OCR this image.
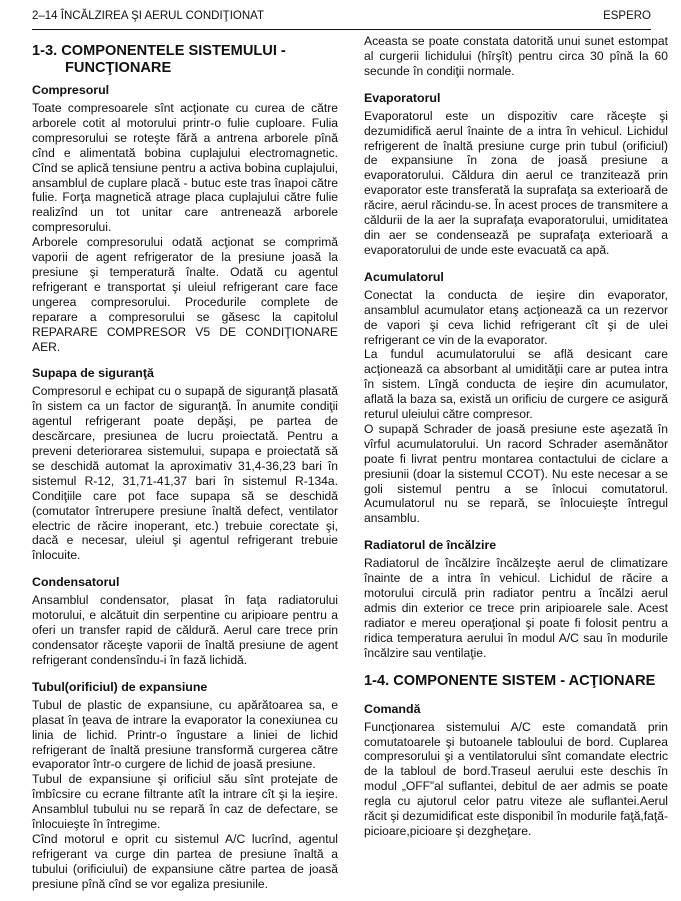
2–14 ÎNCĂLZIREA ŞI AERUL CONDIŢIONAT	ESPERO
1-3. COMPONENTELE SISTEMULUI -
FUNCŢIONARE
Compresorul

Toate compresoarele sînt acţionate cu curea de către arborele cotit al motorului printr-o fulie cuploare. Fulia compresorului se roteşte fără a antrena arborele pînă cînd e alimentată bobina cuplajului electromagnetic. Cînd se aplică tensiune pentru a activa bobina cuplajului, ansamblul de cuplare placă - butuc este tras înapoi către fulie. Forţa magnetică atrage placa cuplajului către fulie realizînd un tot unitar care antrenează arborele compresorului.

Arborele compresorului odată acţionat se comprimă vaporii de agent refrigerator de la presiune joasă la presiune şi temperatură înalte. Odată cu agentul refrigerant e transportat şi uleiul refrigerant care face ungerea compresorului. Procedurile complete de reparare a compresorului se găsesc la capitolul REPARARE COMPRESOR V5 DE CONDIŢIONARE AER.

Supapa de siguranţă

Compresorul e echipat cu o supapă de siguranţă plasată în sistem ca un factor de siguranţă. În anumite condiţii agentul refrigerant poate depăşi, pe partea de descărcare, presiunea de lucru proiectată. Pentru a preveni deteriorarea sistemului, supapa e proiectată să se deschidă automat la aproximativ 31,4-36,23 bari în sistemul R-12, 31,71-41,37 bari în sistemul R-134a. Condiţiile care pot face supapa să se deschidă (comutator întrerupere presiune înaltă defect, ventilator electric de răcire inoperant, etc.) trebuie corectate şi, dacă e necesar, uleiul şi agentul refrigerant trebuie înlocuite.

Condensatorul

Ansamblul condensator, plasat în faţa radiatorului motorului, e alcătuit din serpentine cu aripioare pentru a oferi un transfer rapid de căldură. Aerul care trece prin condensator răceşte vaporii de înaltă presiune de agent refrigerant condensîndu-i în fază lichidă.

Tubul(orificiul) de expansiune

Tubul de plastic de expansiune, cu apărătoarea sa, e plasat în ţeava de intrare la evaporator la conexiunea cu linia de lichid. Printr-o îngustare a liniei de lichid refrigerant de înaltă presiune transformă curgerea către evaporator într-o curgere de lichid de joasă presiune.

Tubul de expansiune şi orificiul său sînt protejate de îmbîcsire cu ecrane filtrante atît la intrare cît şi la ieşire. Ansamblul tubului nu se repară în caz de defectare, se înlocuieşte în întregime.

Cînd motorul e oprit cu sistemul A/C lucrînd, agentul refrigerant va curge din partea de presiune înaltă a tubului (orificiului) de expansiune către partea de joasă presiune pînă cînd se vor egaliza presiunile.

Aceasta se poate constata datorită unui sunet estompat al curgerii lichidului (hîrşît) pentru circa 30 pînă la 60 secunde în condiţii normale.

Evaporatorul

Evaporatorul este un dispozitiv care răceşte şi dezumidifică aerul înainte de a intra în vehicul. Lichidul refrigerent de înaltă presiune curge prin tubul (orificiul) de expansiune în zona de joasă presiune a evaporatorului. Căldura din aerul ce tranzitează prin evaporator este transferată la suprafaţa sa exterioară de răcire, aerul răcindu-se. În acest proces de transmitere a căldurii de la aer la suprafaţa evaporatorului, umiditatea din aer se condensează pe suprafaţa exterioară a evaporatorului de unde este evacuată ca apă.

Acumulatorul

Conectat la conducta de ieşire din evaporator, ansamblul acumulator etanş acţionează ca un rezervor de vapori şi ceva lichid refrigerant cît şi de ulei refrigerant ce vin de la evaporator.

La fundul acumulatorului se află desicant care acţionează ca absorbant al umidităţii care ar putea intra în sistem. Lîngă conducta de ieşire din acumulator, aflată la baza sa, există un orificiu de curgere ce asigură returul uleiului către compresor.

O supapă Schrader de joasă presiune este aşezată în vîrful acumulatorului. Un racord Schrader asemănător poate fi livrat pentru montarea contactului de ciclare a presiunii (doar la sistemul CCOT). Nu este necesar a se goli sistemul pentru a se înlocui comutatorul. Acumulatorul nu se repară, se înlocuieşte întregul ansamblu.

Radiatorul de încălzire

Radiatorul de încălzire încălzeşte aerul de climatizare înainte de a intra în vehicul. Lichidul de răcire a motorului circulă prin radiator pentru a încălzi aerul admis din exterior ce trece prin aripioarele sale. Acest radiator e mereu operaţional şi poate fi folosit pentru a ridica temperatura aerului în modul A/C sau în modurile încălzire sau ventilaţie.

1-4. COMPONENTE SISTEM - ACŢIONARE
Comandă

Funcţionarea sistemului A/C este comandată prin comutatoarele şi butoanele tabloului de bord. Cuplarea compresorului şi a ventilatorului sînt comandate electric de la tabloul de bord.Traseul aerului este deschis în modul „OFF”al suflantei, debitul de aer admis se poate regla cu ajutorul celor patru viteze ale suflantei.Aerul răcit şi dezumidificat este disponibil în modurile faţă,faţă-picioare,picioare şi dezgheţare.
